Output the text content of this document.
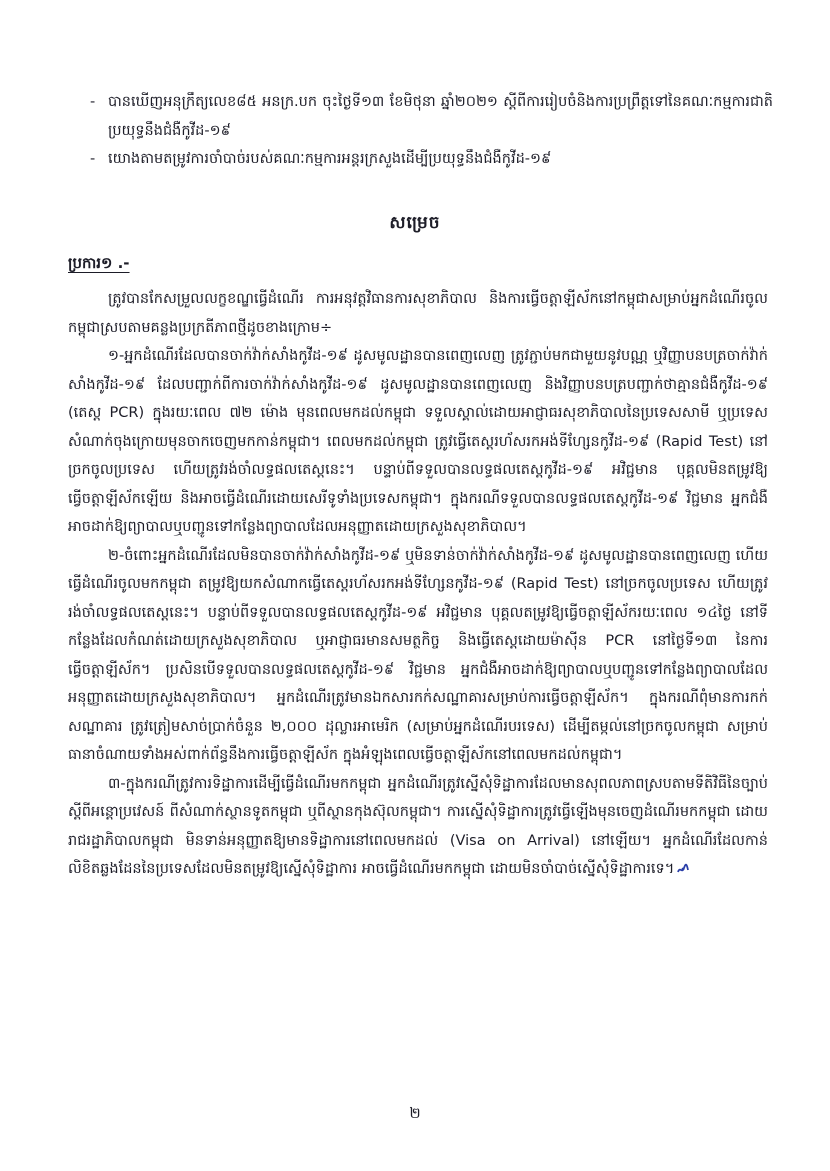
- បានឃើញអនុក្រឹត្យលេខ៨៥ អនក្រ.បក ចុះថ្ងៃទី១៣ ខែមិថុនា ឆ្នាំ២០២១ ស្តីពីការរៀបចំនិងការប្រព្រឹត្តទៅនៃគណៈកម្មការជាតិប្រយុទ្ធនឹងជំងឺកូវីដ-១៩

- យោងតាមតម្រូវការចាំបាច់របស់គណៈកម្មការអន្តរក្រសួងដើម្បីប្រយុទ្ធនឹងជំងឺកូវីដ-១៩

សម្រេច
ប្រការ១ .-

ត្រូវបានកែសម្រួលលក្ខខណ្ឌធ្វើដំណើរ ការអនុវត្តវិធានការសុខាភិបាល និងការធ្វើចត្តាឡីស័កនៅកម្ពុជាសម្រាប់អ្នកដំណើរចូលកម្ពុជាស្របតាមគន្លងប្រក្រតីភាពថ្មីដូចខាងក្រោម÷

១-អ្នកដំណើរដែលបានចាក់វ៉ាក់សាំងកូវីដ-១៩ ដូសមូលដ្ឋានបានពេញលេញ ត្រូវភ្ជាប់មកជាមួយនូវបណ្ណ ឬវិញ្ញាបនបត្រចាក់វ៉ាក់សាំងកូវីដ-១៩ ដែលបញ្ជាក់ពីការចាក់វ៉ាក់សាំងកូវីដ-១៩ ដូសមូលដ្ឋានបានពេញលេញ និងវិញ្ញាបនបត្របញ្ជាក់ថាគ្មានជំងឺកូវីដ-១៩ (តេស្ត PCR) ក្នុងរយៈពេល ៧២ ម៉ោង មុនពេលមកដល់កម្ពុជា ទទួលស្គាល់ដោយអាជ្ញាធរសុខាភិបាលនៃប្រទេសសាមី ឬប្រទេសសំណាក់ចុងក្រោយមុនចាកចេញមកកាន់កម្ពុជា។ ពេលមកដល់កម្ពុជា ត្រូវធ្វើតេស្តរហ័សរកអង់ទីហ្សែនកូវីដ-១៩ (Rapid Test) នៅច្រកចូលប្រទេស ហើយត្រូវរង់ចាំលទ្ធផលតេស្តនេះ។ បន្ទាប់ពីទទួលបានលទ្ធផលតេស្តកូវីដ-១៩ អវិជ្ជមាន បុគ្គលមិនតម្រូវឱ្យធ្វើចត្តាឡីស័កឡើយ និងអាចធ្វើដំណើរដោយសេរីទូទាំងប្រទេសកម្ពុជា។ ក្នុងករណីទទួលបានលទ្ធផលតេស្តកូវីដ-១៩ វិជ្ជមាន អ្នកជំងឺអាចដាក់ឱ្យព្យាបាលឬបញ្ជូនទៅកន្លែងព្យាបាលដែលអនុញ្ញាតដោយក្រសួងសុខាភិបាល។

២-ចំពោះអ្នកដំណើរដែលមិនបានចាក់វ៉ាក់សាំងកូវីដ-១៩ ឬមិនទាន់ចាក់វ៉ាក់សាំងកូវីដ-១៩ ដូសមូលដ្ឋានបានពេញលេញ ហើយធ្វើដំណើរចូលមកកម្ពុជា តម្រូវឱ្យយកសំណាកធ្វើតេស្តរហ័សរកអង់ទីហ្សែនកូវីដ-១៩ (Rapid Test) នៅច្រកចូលប្រទេស ហើយត្រូវរង់ចាំលទ្ធផលតេស្តនេះ។ បន្ទាប់ពីទទួលបានលទ្ធផលតេស្តកូវីដ-១៩ អវិជ្ជមាន បុគ្គលតម្រូវឱ្យធ្វើចត្តាឡីស័ករយៈពេល ១៤ថ្ងៃ នៅទីកន្លែងដែលកំណត់ដោយក្រសួងសុខាភិបាល ឬអាជ្ញាធរមានសមត្ថកិច្ច និងធ្វើតេស្តដោយម៉ាស៊ីន PCR នៅថ្ងៃទី១៣ នៃការធ្វើចត្តាឡីស័ក។ ប្រសិនបើទទួលបានលទ្ធផលតេស្តកូវីដ-១៩ វិជ្ជមាន អ្នកជំងឺអាចដាក់ឱ្យព្យាបាលឬបញ្ជូនទៅកន្លែងព្យាបាលដែលអនុញ្ញាតដោយក្រសួងសុខាភិបាល។ អ្នកដំណើរត្រូវមានឯកសារកក់សណ្ឋាគារសម្រាប់ការធ្វើចត្តាឡីស័ក។ ក្នុងករណីពុំមានការកក់សណ្ឋាគារ ត្រូវត្រៀមសាច់ប្រាក់ចំនួន ២,០០០ ដុល្លារអាមេរិក (សម្រាប់អ្នកដំណើរបរទេស) ដើម្បីតម្កល់នៅច្រកចូលកម្ពុជា សម្រាប់ធានាចំណាយទាំងអស់ពាក់ព័ន្ធនឹងការធ្វើចត្តាឡីស័ក ក្នុងអំឡុងពេលធ្វើចត្តាឡីស័កនៅពេលមកដល់កម្ពុជា។

៣-ក្នុងករណីត្រូវការទិដ្ឋាការដើម្បីធ្វើដំណើរមកកម្ពុជា អ្នកដំណើរត្រូវស្នើសុំទិដ្ឋាការដែលមានសុពលភាពស្របតាមទីតិវិធីនៃច្បាប់ស្តីពីអន្តោប្រវេសន៍ ពីសំណាក់ស្ថានទូតកម្ពុជា ឬពីស្ថានកុងស៊ុលកម្ពុជា។ ការស្នើសុំទិដ្ឋាការត្រូវធ្វើឡើងមុនចេញដំណើរមកកម្ពុជា ដោយរាជរដ្ឋាភិបាលកម្ពុជា មិនទាន់អនុញ្ញាតឱ្យមានទិដ្ឋាការនៅពេលមកដល់ (Visa on Arrival) នៅឡើយ។ អ្នកដំណើរដែលកាន់លិខិតឆ្លងដែននៃប្រទេសដែលមិនតម្រូវឱ្យស្នើសុំទិដ្ឋាការ អាចធ្វើដំណើរមកកម្ពុជា ដោយមិនចាំបាច់ស្នើសុំទិដ្ឋាការទេ។

២
